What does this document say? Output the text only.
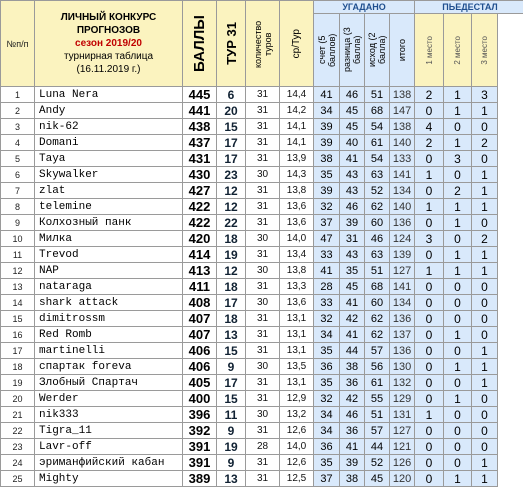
№п/п	ЛИЧНЫЙ КОНКУРС ПРОГНОЗОВ
сезон 2019/20
турнирная таблица
(16.11.2019 г.)	БАЛЛЫ	ТУР 31	количество туров	ср/Тур	УГАДАНО				ПЬЕДЕСТАЛ		

						счет (5 баллов)	разница (3 балла)	исход (2 балла)	итого	1 место	2 место	3 место

1	Luna Nera	445	6	31	14,4	41	46	51	138	2	1	3
2	Andy	441	20	31	14,2	34	45	68	147	0	1	1
3	nik-62	438	15	31	14,1	39	45	54	138	4	0	0
4	Domani	437	17	31	14,1	39	40	61	140	2	1	2
5	Taya	431	17	31	13,9	38	41	54	133	0	3	0
6	Skywalker	430	23	30	14,3	35	43	63	141	1	0	1
7	zlat	427	12	31	13,8	39	43	52	134	0	2	1
8	telemine	422	12	31	13,6	32	46	62	140	1	1	1
9	Колхозный панк	422	22	31	13,6	37	39	60	136	0	1	0
10	Милка	420	18	30	14,0	47	31	46	124	3	0	2
11	Trevod	414	19	31	13,4	33	43	63	139	0	1	1
12	NAP	413	12	30	13,8	41	35	51	127	1	1	1
13	nataraga	411	18	31	13,3	28	45	68	141	0	0	0
14	shark attack	408	17	30	13,6	33	41	60	134	0	0	0
15	dimitrossm	407	18	31	13,1	32	42	62	136	0	0	0
16	Red Romb	407	13	31	13,1	34	41	62	137	0	1	0
17	martinelli	406	15	31	13,1	35	44	57	136	0	0	1
18	спартак foreva	406	9	30	13,5	36	38	56	130	0	1	1
19	Злобный Спартач	405	17	31	13,1	35	36	61	132	0	0	1
20	Werder	400	15	31	12,9	32	42	55	129	0	1	0
21	nik333	396	11	30	13,2	34	46	51	131	1	0	0
22	Tigra_11	392	9	31	12,6	34	36	57	127	0	0	0
23	Lavr-off	391	19	28	14,0	36	41	44	121	0	0	0
24	эриманфийский кабан	391	9	31	12,6	35	39	52	126	0	0	1
25	Mighty	389	13	31	12,5	37	38	45	120	0	1	1
